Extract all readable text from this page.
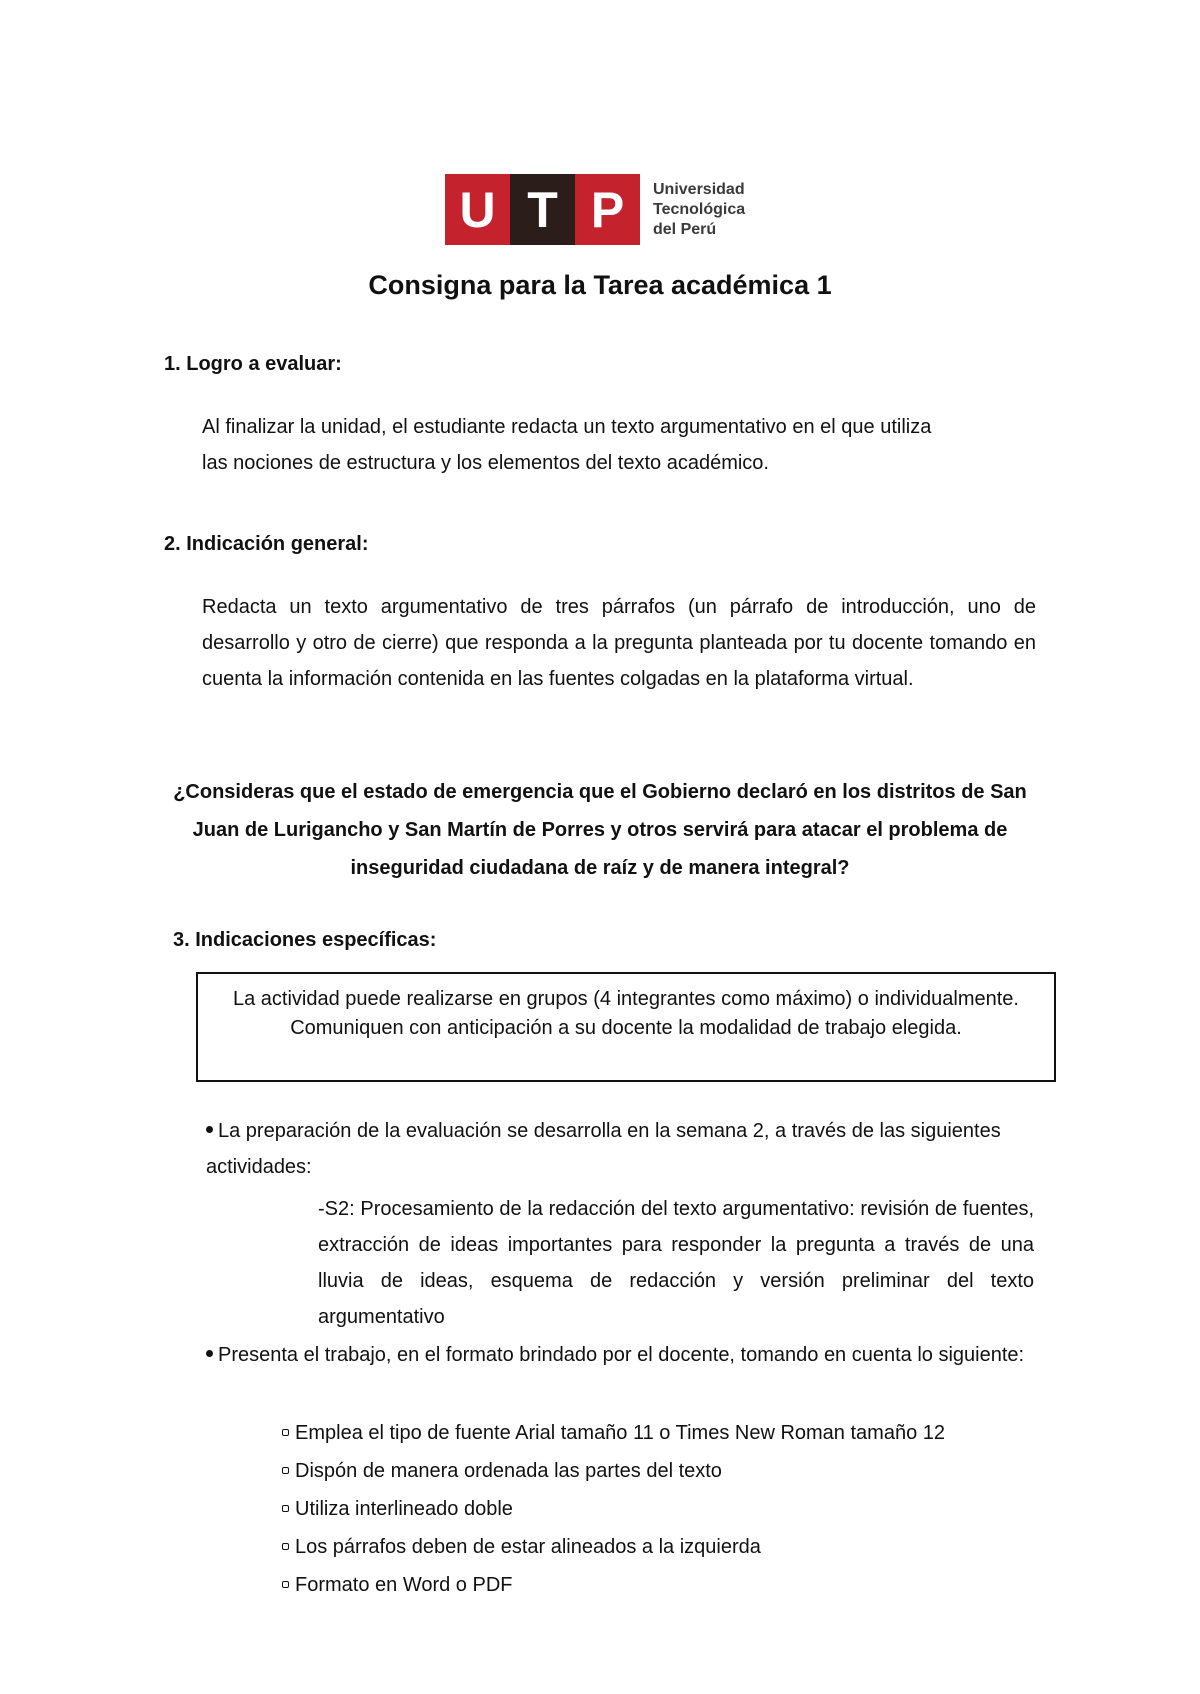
U T P	Universidad
Tecnológica
del Perú
Consigna para la Tarea académica 1
1. Logro a evaluar:
Al finalizar la unidad, el estudiante redacta un texto argumentativo en el que utiliza
las nociones de estructura y los elementos del texto académico.
2. Indicación general:
Redacta un texto argumentativo de tres párrafos (un párrafo de introducción, uno de desarrollo y otro de cierre) que responda a la pregunta planteada por tu docente tomando en cuenta la información contenida en las fuentes colgadas en la plataforma virtual.
¿Consideras que el estado de emergencia que el Gobierno declaró en los distritos de San Juan de Lurigancho y San Martín de Porres y otros servirá para atacar el problema de inseguridad ciudadana de raíz y de manera integral?
3. Indicaciones específicas:
La actividad puede realizarse en grupos (4 integrantes como máximo) o individualmente. Comuniquen con anticipación a su docente la modalidad de trabajo elegida.
La preparación de la evaluación se desarrolla en la semana 2, a través de las siguientes actividades:
-S2: Procesamiento de la redacción del texto argumentativo: revisión de fuentes, extracción de ideas importantes para responder la pregunta a través de una lluvia de ideas, esquema de redacción y versión preliminar del texto argumentativo
Presenta el trabajo, en el formato brindado por el docente, tomando en cuenta lo siguiente:
Emplea el tipo de fuente Arial tamaño 11 o Times New Roman tamaño 12
Dispón de manera ordenada las partes del texto
Utiliza interlineado doble
Los párrafos deben de estar alineados a la izquierda
Formato en Word o PDF
